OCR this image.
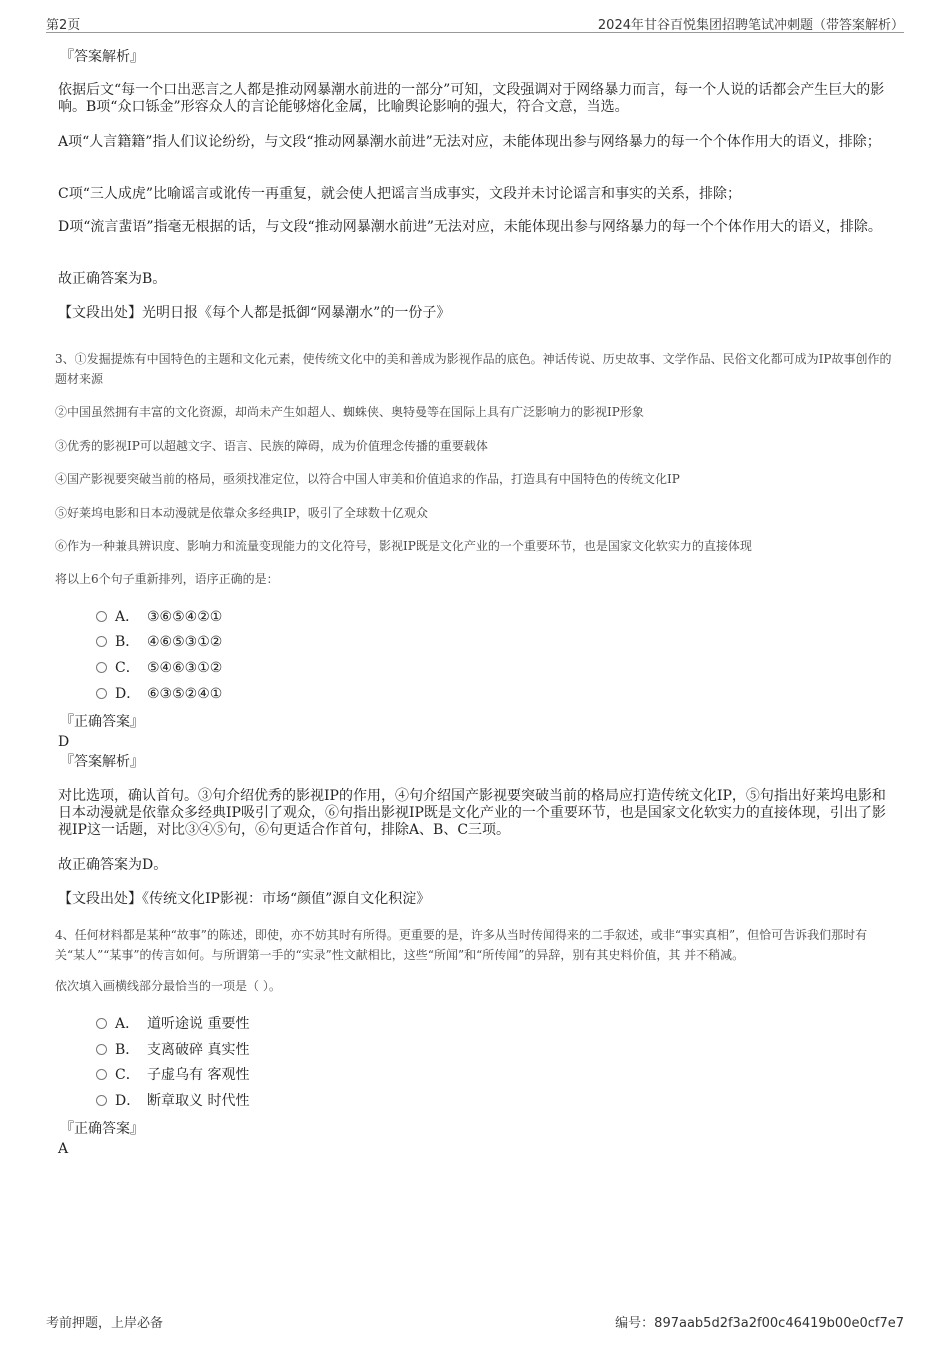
第2页	2024年甘谷百悦集团招聘笔试冲刺题（带答案解析）
『答案解析』
依据后文“每一个口出恶言之人都是推动网暴潮水前进的一部分”可知，文段强调对于网络暴力而言，每一个人说的话都会产生巨大的影响。B项“众口铄金”形容众人的言论能够熔化金属，比喻舆论影响的强大，符合文意，当选。
A项“人言籍籍”指人们议论纷纷，与文段“推动网暴潮水前进”无法对应，未能体现出参与网络暴力的每一个个体作用大的语义，排除；
C项“三人成虎”比喻谣言或讹传一再重复，就会使人把谣言当成事实，文段并未讨论谣言和事实的关系，排除；
D项“流言蜚语”指毫无根据的话，与文段“推动网暴潮水前进”无法对应，未能体现出参与网络暴力的每一个个体作用大的语义，排除。
故正确答案为B。
【文段出处】光明日报《每个人都是抵御“网暴潮水”的一份子》
3、①发掘提炼有中国特色的主题和文化元素，使传统文化中的美和善成为影视作品的底色。神话传说、历史故事、文学作品、民俗文化都可成为IP故事创作的题材来源
②中国虽然拥有丰富的文化资源，却尚未产生如超人、蜘蛛侠、奥特曼等在国际上具有广泛影响力的影视IP形象
③优秀的影视IP可以超越文字、语言、民族的障碍，成为价值理念传播的重要载体
④国产影视要突破当前的格局，亟须找准定位，以符合中国人审美和价值追求的作品，打造具有中国特色的传统文化IP
⑤好莱坞电影和日本动漫就是依靠众多经典IP，吸引了全球数十亿观众
⑥作为一种兼具辨识度、影响力和流量变现能力的文化符号，影视IP既是文化产业的一个重要环节，也是国家文化软实力的直接体现
将以上6个句子重新排列，语序正确的是：
A． ③⑥⑤④②①
B． ④⑥⑤③①②
C． ⑤④⑥③①②
D． ⑥③⑤②④①
『正确答案』
D
『答案解析』
对比选项，确认首句。③句介绍优秀的影视IP的作用，④句介绍国产影视要突破当前的格局应打造传统文化IP，⑤句指出好莱坞电影和日本动漫就是依靠众多经典IP吸引了观众，⑥句指出影视IP既是文化产业的一个重要环节，也是国家文化软实力的直接体现，引出了影视IP这一话题，对比③④⑤句，⑥句更适合作首句，排除A、B、C三项。
故正确答案为D。
【文段出处】《传统文化IP影视：市场“颜值”源自文化积淀》
4、任何材料都是某种“故事”的陈述，即使，亦不妨其时有所得。更重要的是，许多从当时传闻得来的二手叙述，或非“事实真相”，但恰可告诉我们那时有关“某人”“某事”的传言如何。与所谓第一手的“实录”性文献相比，这些“所闻”和“所传闻”的异辞，别有其史料价值，其 并不稍减。
依次填入画横线部分最恰当的一项是（ ）。
A． 道听途说 重要性
B． 支离破碎 真实性
C． 子虚乌有 客观性
D． 断章取义 时代性
『正确答案』
A
考前押题，上岸必备	编号：897aab5d2f3a2f00c46419b00e0cf7e7
